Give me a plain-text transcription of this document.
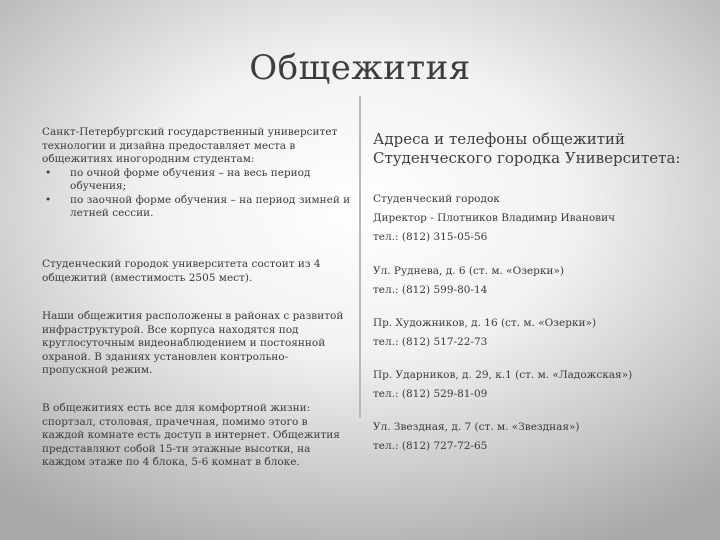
Общежития

Санкт-Петербургский государственный университет технологии и дизайна предоставляет места в общежитиях иногородним студентам:

• по очной форме обучения – на весь период обучения;
• по заочной форме обучения – на период зимней и летней сессии.

Студенческий городок университета состоит из 4 общежитий (вместимость 2505 мест).

Наши общежития расположены в районах с развитой инфраструктурой. Все корпуса находятся под круглосуточным видеонаблюдением и постоянной охраной. В зданиях установлен контрольно-пропускной режим.

В общежитиях есть все для комфортной жизни: спортзал, столовая, прачечная, помимо этого в каждой комнате есть доступ в интернет. Общежития представляют собой 15-ти этажные высотки, на каждом этаже по 4 блока, 5-6 комнат в блоке.

Адреса и телефоны общежитий
Студенческого городка Университета:
Студенческий городок
Директор - Плотников Владимир Иванович
тел.: (812) 315-05-56
Ул. Руднева, д. 6 (ст. м. «Озерки»)
тел.: (812) 599-80-14
Пр. Художников, д. 16 (ст. м. «Озерки»)
тел.: (812) 517-22-73
Пр. Ударников, д. 29, к.1 (ст. м. «Ладожская»)
тел.: (812) 529-81-09
Ул. Звездная, д. 7 (ст. м. «Звездная»)
тел.: (812) 727-72-65
